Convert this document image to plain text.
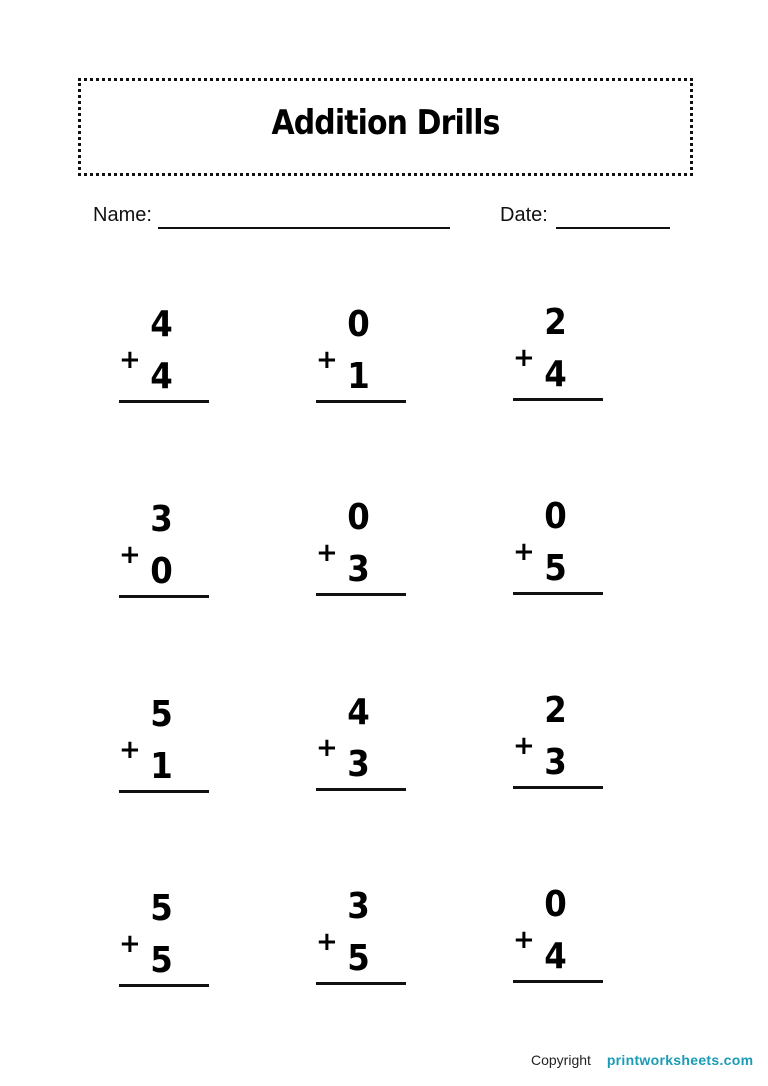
Addition Drills
Name:	Date:
4
+ 4
0
+ 1
2
+ 4
3
+ 0
0
+ 3
0
+ 5
5
+ 1
4
+ 3
2
+ 3
5
+ 5
3
+ 5
0
+ 4
Copyright printworksheets.com
